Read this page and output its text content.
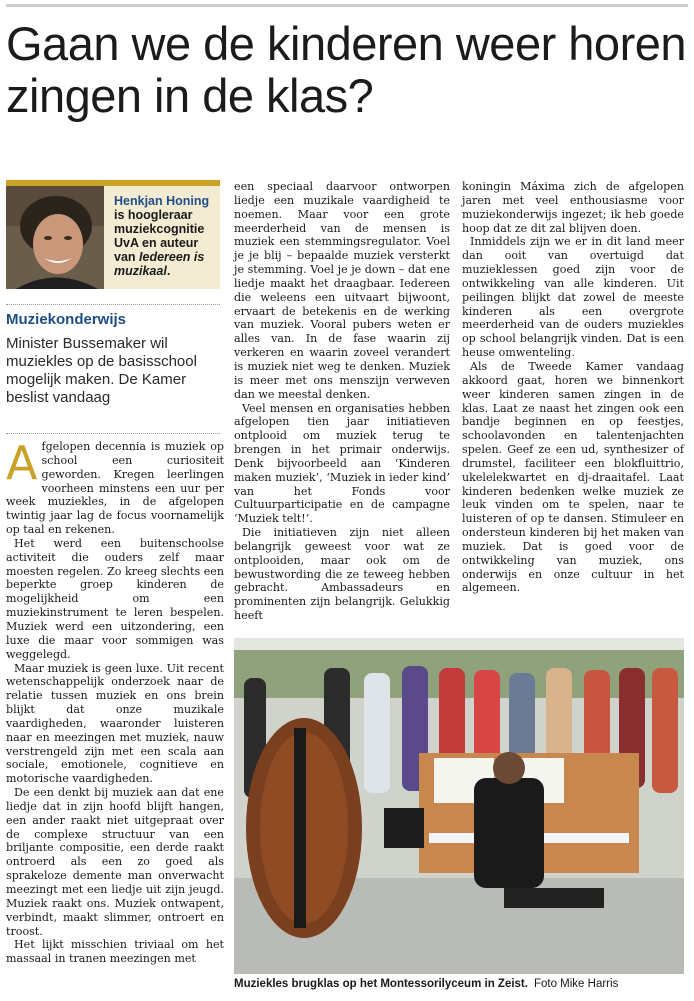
Gaan we de kinderen weer horen zingen in de klas?
Henkjan Honing
is hoogleraar muziekcognitie UvA en auteur van Iedereen is muzikaal.
Muziekonderwijs
Minister Bussemaker wil muziekles op de basisschool mogelijk maken. De Kamer beslist vandaag

Afgelopen decennia is muziek op school een curiositeit geworden. Kregen leerlingen voorheen minstens een uur per week muziekles, in de afgelopen twintig jaar lag de focus voornamelijk op taal en rekenen.

Het werd een buitenschoolse activiteit die ouders zelf maar moesten regelen. Zo kreeg slechts een beperkte groep kinderen de mogelijkheid om een muziekinstrument te leren bespelen. Muziek werd een uitzondering, een luxe die maar voor sommigen was weggelegd.

Maar muziek is geen luxe. Uit recent wetenschappelijk onderzoek naar de relatie tussen muziek en ons brein blijkt dat onze muzikale vaardigheden, waaronder luisteren naar en meezingen met muziek, nauw verstrengeld zijn met een scala aan sociale, emotionele, cognitieve en motorische vaardigheden.

De een denkt bij muziek aan dat ene liedje dat in zijn hoofd blijft hangen, een ander raakt niet uitgepraat over de complexe structuur van een briljante compositie, een derde raakt ontroerd als een zo goed als sprakeloze demente man onverwacht meezingt met een liedje uit zijn jeugd. Muziek raakt ons. Muziek ontwapent, verbindt, maakt slimmer, ontroert en troost.

Het lijkt misschien triviaal om het massaal in tranen meezingen met

een speciaal daarvoor ontworpen liedje een muzikale vaardigheid te noemen. Maar voor een grote meerderheid van de mensen is muziek een stemmingsregulator. Voel je je blij – bepaalde muziek versterkt je stemming. Voel je je down – dat ene liedje maakt het draagbaar. Iedereen die weleens een uitvaart bijwoont, ervaart de betekenis en de werking van muziek. Vooral pubers weten er alles van. In de fase waarin zij verkeren en waarin zoveel verandert is muziek niet weg te denken. Muziek is meer met ons menszijn verweven dan we meestal denken.

Veel mensen en organisaties hebben afgelopen tien jaar initiatieven ontplooid om muziek terug te brengen in het primair onderwijs. Denk bijvoorbeeld aan ‘Kinderen maken muziek’, ‘Muziek in ieder kind’ van het Fonds voor Cultuurparticipatie en de campagne ‘Muziek telt!’.

Die initiatieven zijn niet alleen belangrijk geweest voor wat ze ontplooiden, maar ook om de bewustwording die ze teweeg hebben gebracht. Ambassadeurs en prominenten zijn belangrijk. Gelukkig heeft

koningin Máxima zich de afgelopen jaren met veel enthousiasme voor muziekonderwijs ingezet; ik heb goede hoop dat ze dit zal blijven doen.

Inmiddels zijn we er in dit land meer dan ooit van overtuigd dat muzieklessen goed zijn voor de ontwikkeling van alle kinderen. Uit peilingen blijkt dat zowel de meeste kinderen als een overgrote meerderheid van de ouders muziekles op school belangrijk vinden. Dat is een heuse omwenteling.

Als de Tweede Kamer vandaag akkoord gaat, horen we binnenkort weer kinderen samen zingen in de klas. Laat ze naast het zingen ook een bandje beginnen en op feestjes, schoolavonden en talentenjachten spelen. Geef ze een ud, synthesizer of drumstel, faciliteer een blokfluittrio, ukelelekwartet en dj-draaitafel. Laat kinderen bedenken welke muziek ze leuk vinden om te spelen, naar te luisteren of op te dansen. Stimuleer en ondersteun kinderen bij het maken van muziek. Dat is goed voor de ontwikkeling van muziek, ons onderwijs en onze cultuur in het algemeen.

Muziekles brugklas op het Montessorilyceum in Zeist. Foto Mike Harris
